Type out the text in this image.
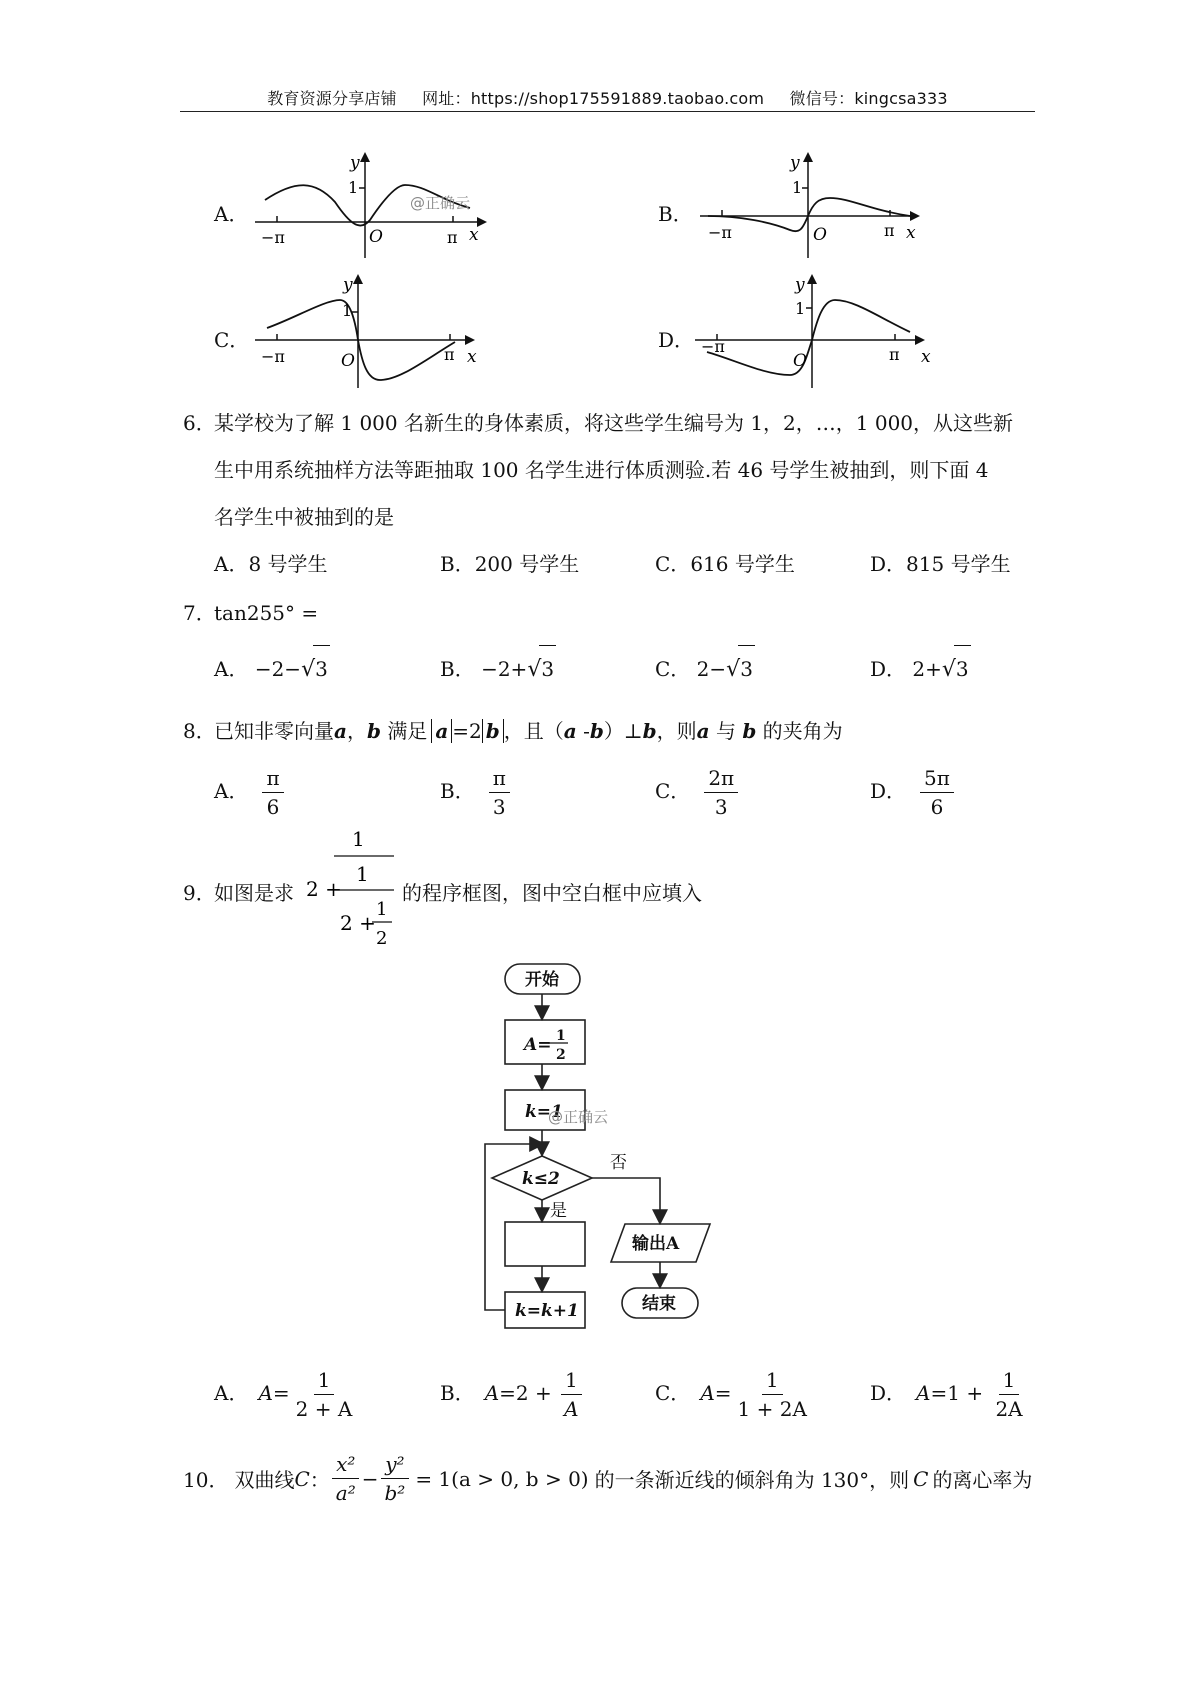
教育资源分享店铺 网址：https://shop175591889.taobao.com 微信号：kingcsa333
A．	B．
C．	D．
y
1
O
−π	π x
@正确云
y
1
O
−π	π x
y
1
O
−π	π x
y
1
O
−π	π x
6．
某学校为了解 1 000 名新生的身体素质，将这些学生编号为 1，2，…，1 000，从这些新
生中用系统抽样方法等距抽取 100 名学生进行体质测验.若 46 号学生被抽到，则下面 4
名学生中被抽到的是
A．8 号学生	B．200 号学生	C．616 号学生	D．815 号学生
7．
tan255° =
A． −2−√3	B． −2+√3	C． 2−√3	D． 2+√3
8．
已知非零向量a，b 满足 a =2 b ，且（a -b）⊥b，则a 与 b 的夹角为
A． $\frac{\pi}{6}$	B． $\frac{\pi}{3}$	C． $\frac{2\pi}{3}$	D． $\frac{5\pi}{6}$
9．
如图是求 2 +
1
1
2 +
1
2
的程序框图，图中空白框中应填入
开始
A= 1
2
k=1
k≤2
否
是
输出A
k=k+1	结束
@正确云
A． $A= \frac{1}{2 + A}$	B． $A=2 + \frac{1}{A}$	C． $A= \frac{1}{1 + 2A}$	D． $A=1 + \frac{1}{2A}$
10． 双曲线 C ： $\frac{\text{x²}}{\text{a²}} - \frac{\text{y²}}{\text{b²}} = 1(a > 0$, b > 0) 的一条渐近线的倾斜角为 130°，则 C 的离心率为
